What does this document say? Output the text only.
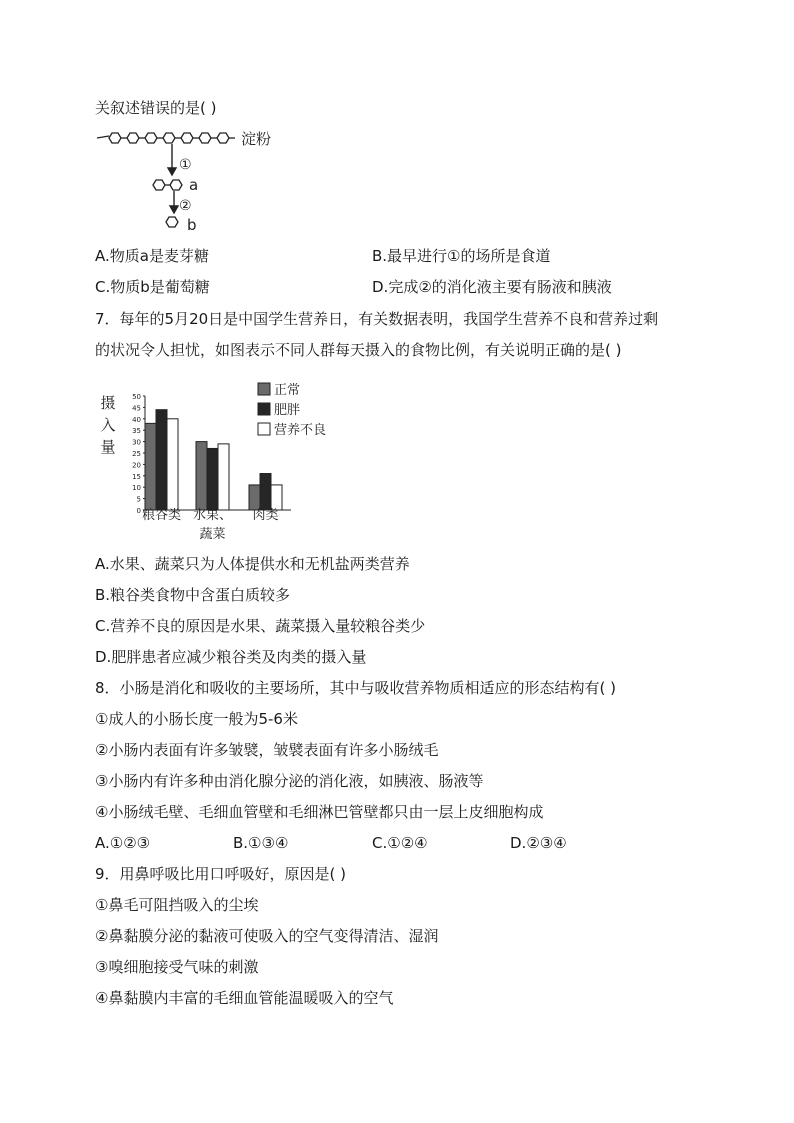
关叙述错误的是( )
淀粉
①
a
②
b
A.物质a是麦芽糖	B.最早进行①的场所是食道
C.物质b是葡萄糖	D.完成②的消化液主要有肠液和胰液
7．每年的5月20日是中国学生营养日，有关数据表明，我国学生营养不良和营养过剩
的状况令人担忧，如图表示不同人群每天摄入的食物比例，有关说明正确的是( )
摄
入
量
0
5
10
15
20
25
30
35
40
45
50
粮谷类 水果、
蔬菜
肉类
正常
肥胖
营养不良
A.水果、蔬菜只为人体提供水和无机盐两类营养
B.粮谷类食物中含蛋白质较多
C.营养不良的原因是水果、蔬菜摄入量较粮谷类少
D.肥胖患者应减少粮谷类及肉类的摄入量
8．小肠是消化和吸收的主要场所，其中与吸收营养物质相适应的形态结构有( )
①成人的小肠长度一般为5-6米
②小肠内表面有许多皱襞，皱襞表面有许多小肠绒毛
③小肠内有许多种由消化腺分泌的消化液，如胰液、肠液等
④小肠绒毛壁、毛细血管壁和毛细淋巴管壁都只由一层上皮细胞构成
A.①②③	B.①③④	C.①②④	D.②③④
9．用鼻呼吸比用口呼吸好，原因是( )
①鼻毛可阻挡吸入的尘埃
②鼻黏膜分泌的黏液可使吸入的空气变得清洁、湿润
③嗅细胞接受气味的刺激
④鼻黏膜内丰富的毛细血管能温暖吸入的空气
